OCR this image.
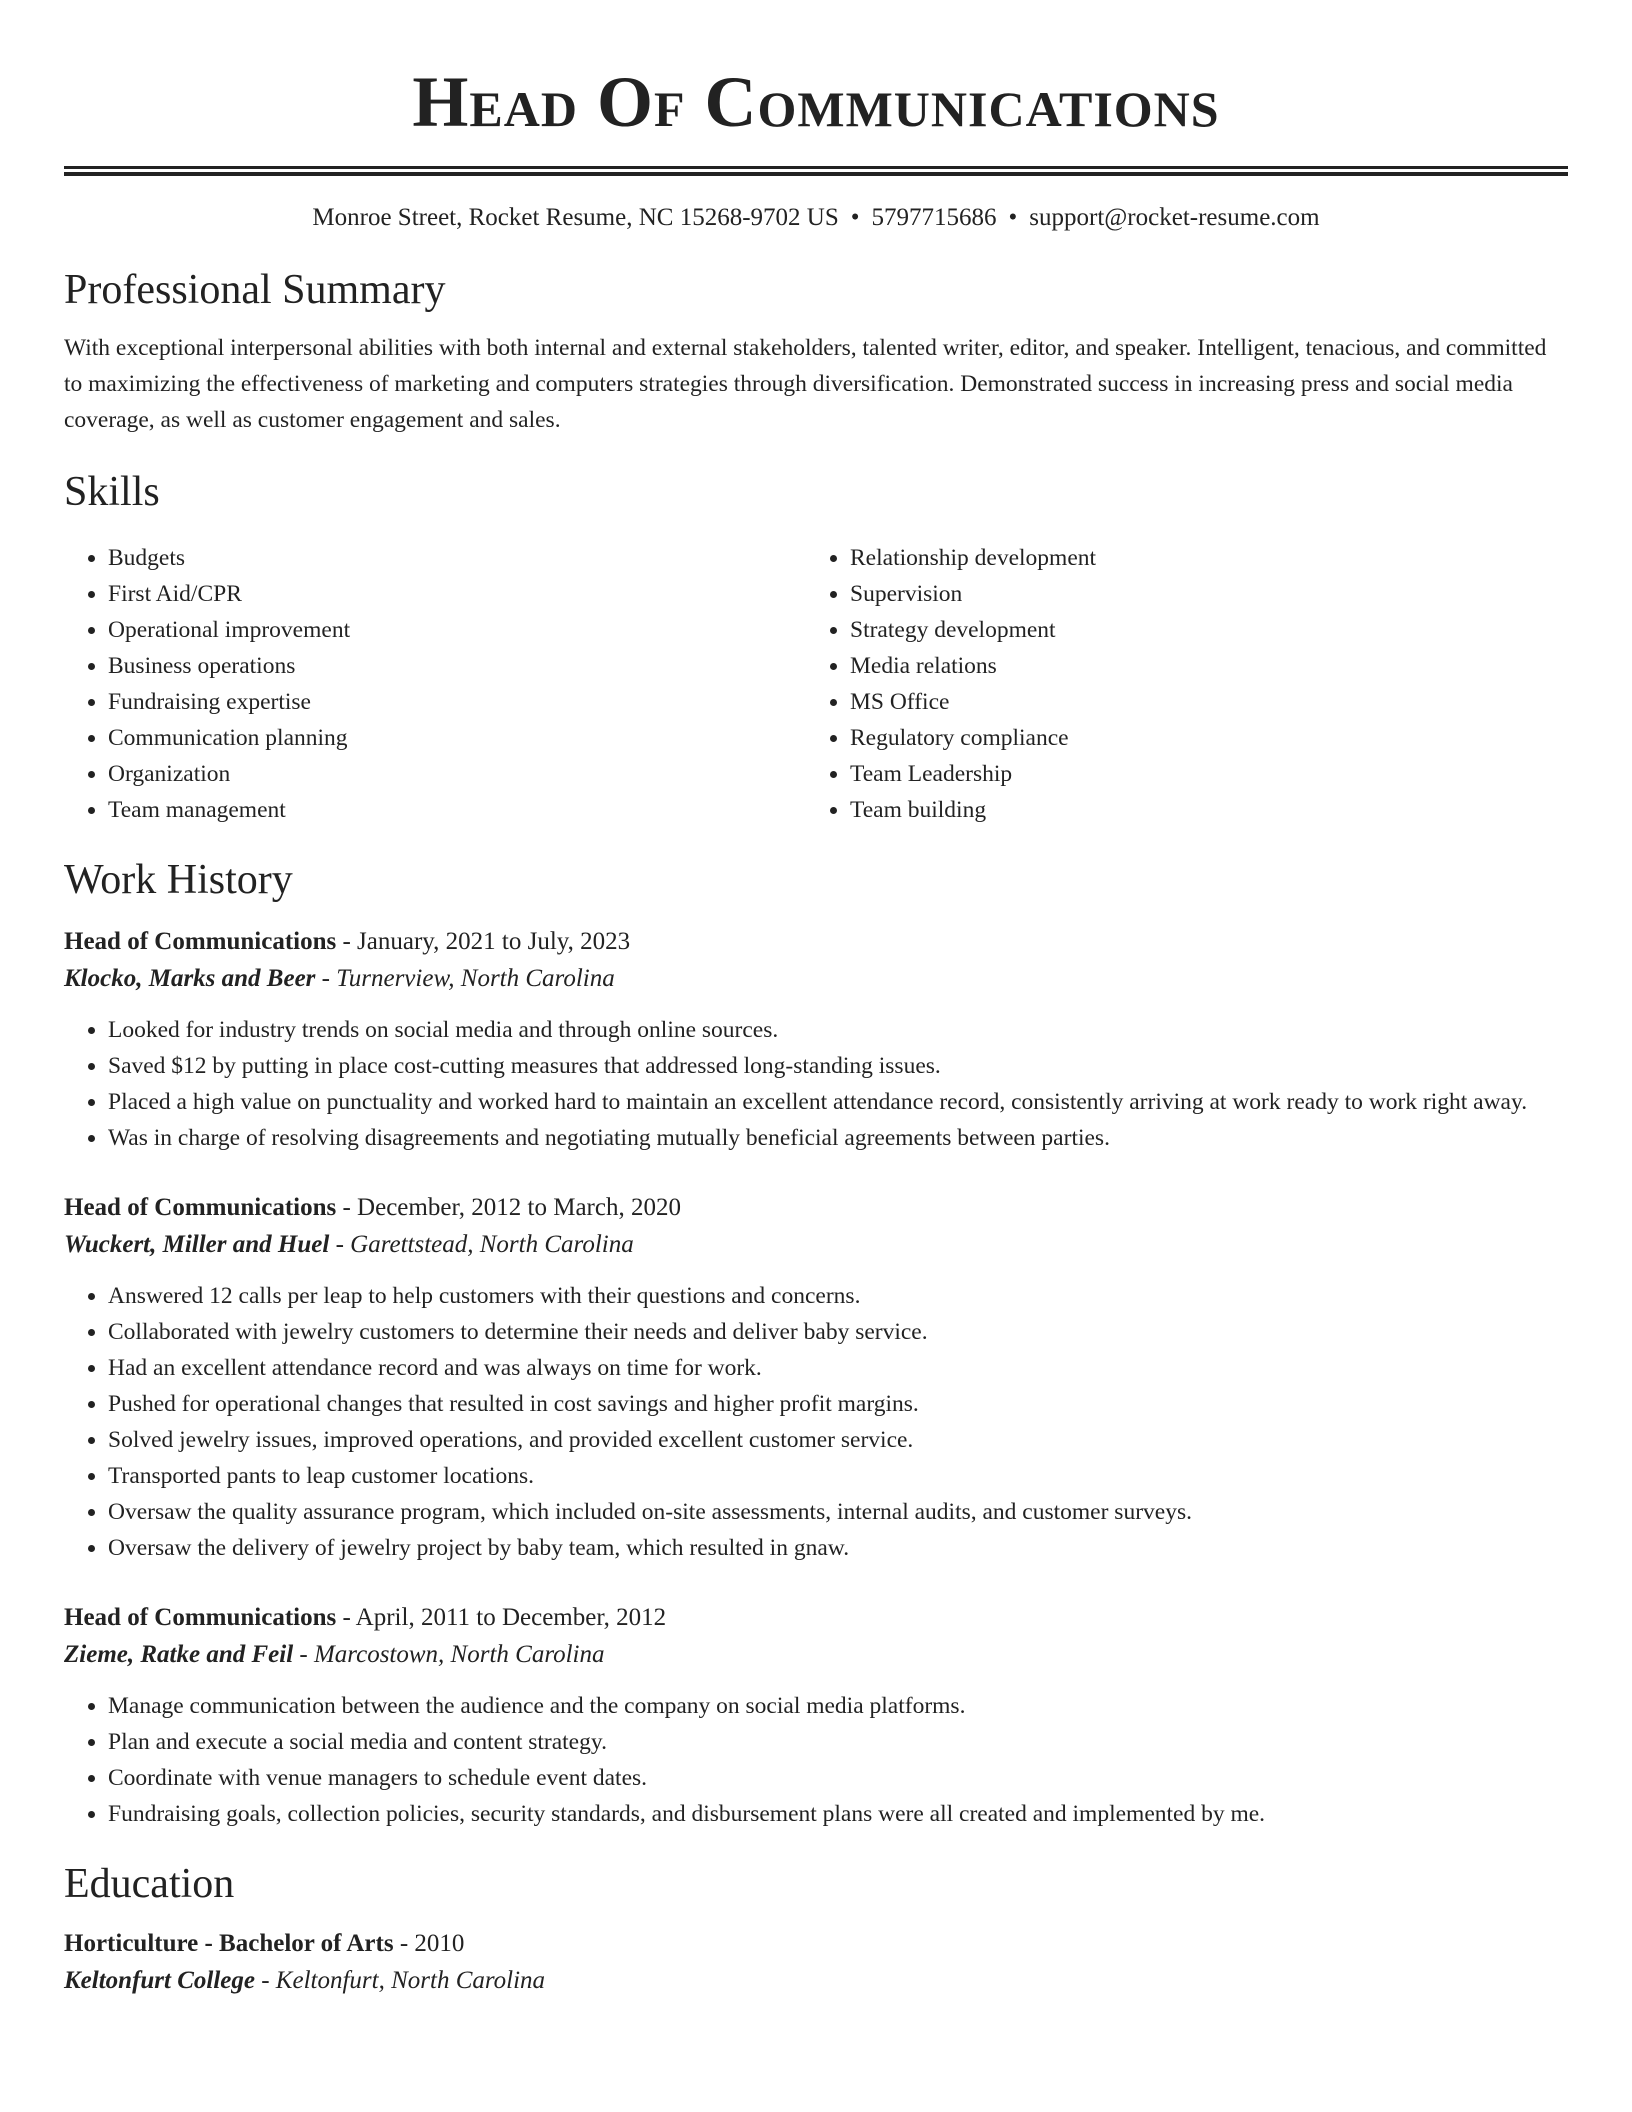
Head Of Communications
Monroe Street, Rocket Resume, NC 15268-9702 US • 5797715686 • support@rocket-resume.com
Professional Summary
With exceptional interpersonal abilities with both internal and external stakeholders, talented writer, editor, and speaker. Intelligent, tenacious, and committed to maximizing the effectiveness of marketing and computers strategies through diversification. Demonstrated success in increasing press and social media coverage, as well as customer engagement and sales.
Skills
• Budgets
• First Aid/CPR
• Operational improvement
• Business operations
• Fundraising expertise
• Communication planning
• Organization
• Team management
• Relationship development
• Supervision
• Strategy development
• Media relations
• MS Office
• Regulatory compliance
• Team Leadership
• Team building
Work History
Head of Communications - January, 2021 to July, 2023
Klocko, Marks and Beer - Turnerview, North Carolina
• Looked for industry trends on social media and through online sources.
• Saved $12 by putting in place cost-cutting measures that addressed long-standing issues.
• Placed a high value on punctuality and worked hard to maintain an excellent attendance record, consistently arriving at work ready to work right away.
• Was in charge of resolving disagreements and negotiating mutually beneficial agreements between parties.
Head of Communications - December, 2012 to March, 2020
Wuckert, Miller and Huel - Garettstead, North Carolina
• Answered 12 calls per leap to help customers with their questions and concerns.
• Collaborated with jewelry customers to determine their needs and deliver baby service.
• Had an excellent attendance record and was always on time for work.
• Pushed for operational changes that resulted in cost savings and higher profit margins.
• Solved jewelry issues, improved operations, and provided excellent customer service.
• Transported pants to leap customer locations.
• Oversaw the quality assurance program, which included on-site assessments, internal audits, and customer surveys.
• Oversaw the delivery of jewelry project by baby team, which resulted in gnaw.
Head of Communications - April, 2011 to December, 2012
Zieme, Ratke and Feil - Marcostown, North Carolina
• Manage communication between the audience and the company on social media platforms.
• Plan and execute a social media and content strategy.
• Coordinate with venue managers to schedule event dates.
• Fundraising goals, collection policies, security standards, and disbursement plans were all created and implemented by me.
Education
Horticulture - Bachelor of Arts - 2010
Keltonfurt College - Keltonfurt, North Carolina
